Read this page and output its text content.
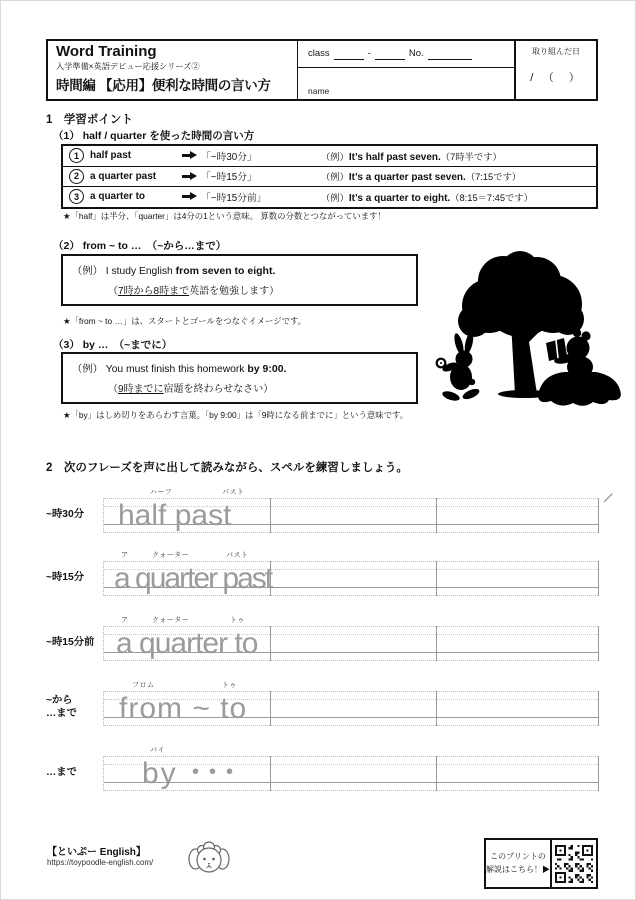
Word Training
入学準備×英語デビュー応援シリーズ②
時間編 【応用】便利な時間の言い方
class	-	No.
name
取り組んだ日
/　（　）
1　学習ポイント
（1） half / quarter を使った時間の言い方
1	half past	「~時30分」	（例）It’s half past seven.（7時半です）
2	a quarter past	「~時15分」	（例）It’s a quarter past seven.（7:15です）
3	a quarter to	「~時15分前」	（例）It’s a quarter to eight.（8:15＝7:45です）
★「half」は半分、「quarter」は4分の1という意味。 算数の分数とつながっています！
（2） from ~ to …　（~から…まで）
（例） I study English from seven to eight.
（7時から8時まで英語を勉強します）
★「from ~ to …」は、スタートとゴールをつなぐイメージです。
（3） by …　（~までに）
（例） You must finish this homework by 9:00.
（9時までに宿題を終わらせなさい）
★「by」はしめ切りをあらわす言葉。「by 9:00」は「9時になる前までに」という意味です。
2　次のフレーズを声に出して読みながら、スペルを練習しましょう。
~時30分
ハーフ	パスト
half past
~時15分
ア	クォーター	パスト
a quarter past
~時15分前
ア	クォーター	トゥ
a quarter to
~から
…まで
フロム	トゥ
from ~ to
…まで
バイ
by ･･･
【といぷー English】
https://toypoodle-english.com/
このプリントの
解説はこちら！▶
